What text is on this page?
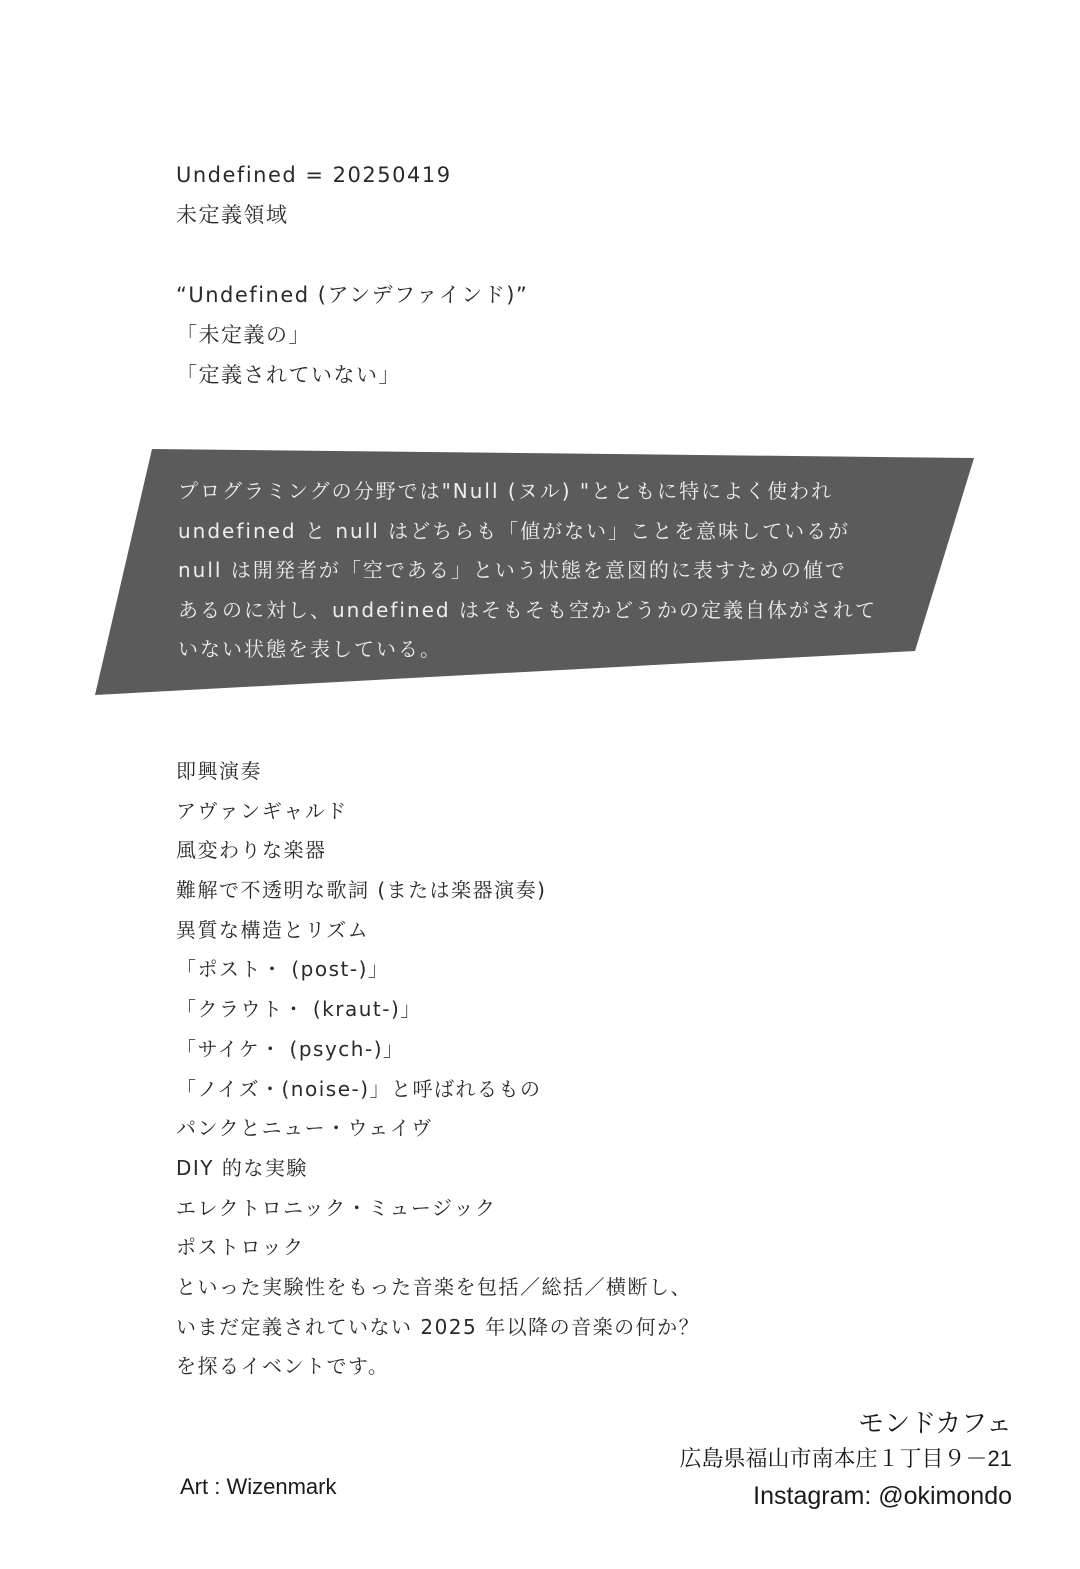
Undefined = 20250419
未定義領域
“Undefined (アンデファインド)”
「未定義の」
「定義されていない」
プログラミングの分野では"Null (ヌル) "とともに特によく使われ
undefined と null はどちらも「値がない」ことを意味しているが
null は開発者が「空である」という状態を意図的に表すための値で
あるのに対し、undefined はそもそも空かどうかの定義自体がされて
いない状態を表している。
即興演奏
アヴァンギャルド
風変わりな楽器
難解で不透明な歌詞 (または楽器演奏)
異質な構造とリズム
「ポスト・ (post-)」
「クラウト・ (kraut-)」
「サイケ・ (psych-)」
「ノイズ・(noise-)」と呼ばれるもの
パンクとニュー・ウェイヴ
DIY 的な実験
エレクトロニック・ミュージック
ポストロック
といった実験性をもった音楽を包括／総括／横断し、
いまだ定義されていない 2025 年以降の音楽の何か？
を探るイベントです。
モンドカフェ
広島県福山市南本庄１丁目９－21
Instagram: @okimondo
Art : Wizenmark
